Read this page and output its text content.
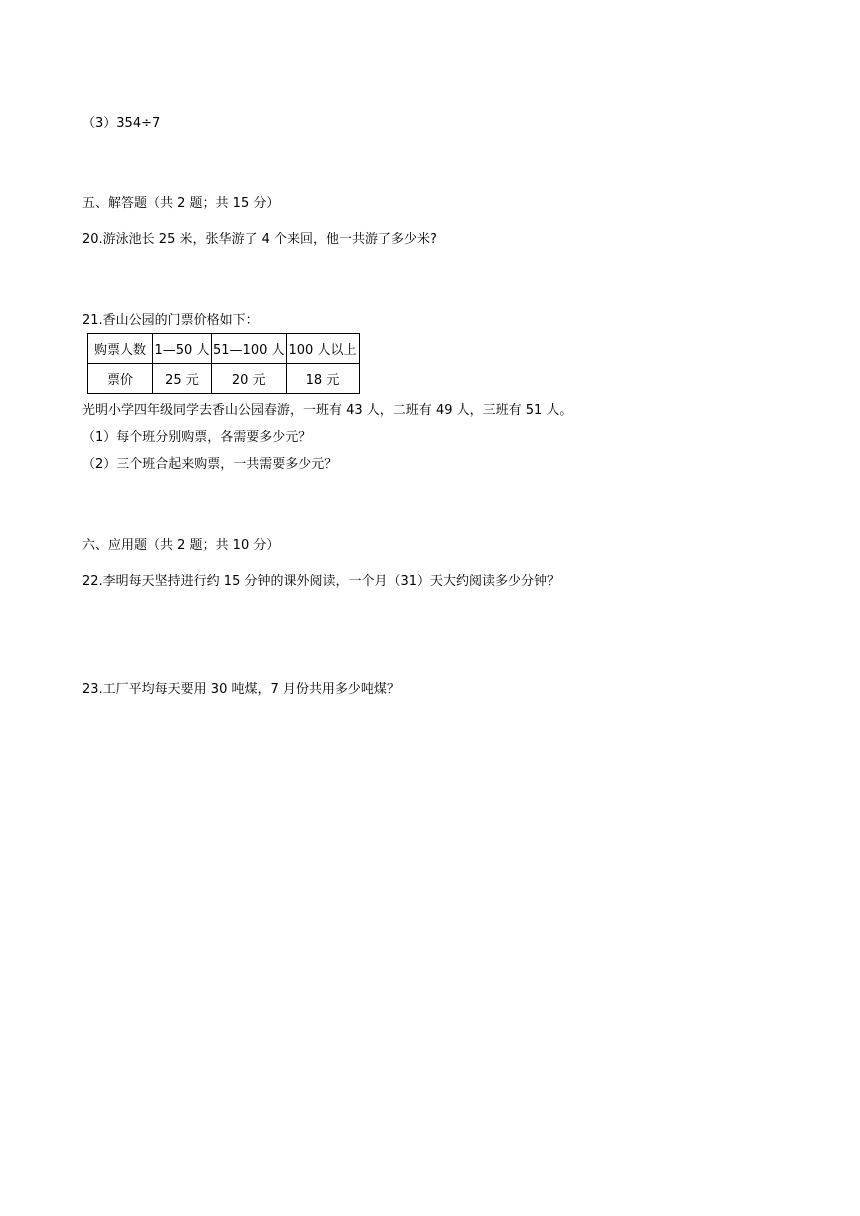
（3）354÷7
五、解答题（共 2 题；共 15 分）
20.游泳池长 25 米，张华游了 4 个来回，他一共游了多少米?
21.香山公园的门票价格如下：
购票人数	1—50 人	51—100 人	100 人以上
票价	25 元	20 元	18 元
光明小学四年级同学去香山公园春游，一班有 43 人，二班有 49 人，三班有 51 人。
（1）每个班分别购票，各需要多少元？
（2）三个班合起来购票，一共需要多少元？
六、应用题（共 2 题；共 10 分）
22.李明每天坚持进行约 15 分钟的课外阅读，一个月（31）天大约阅读多少分钟？
23.工厂平均每天要用 30 吨煤，7 月份共用多少吨煤？
